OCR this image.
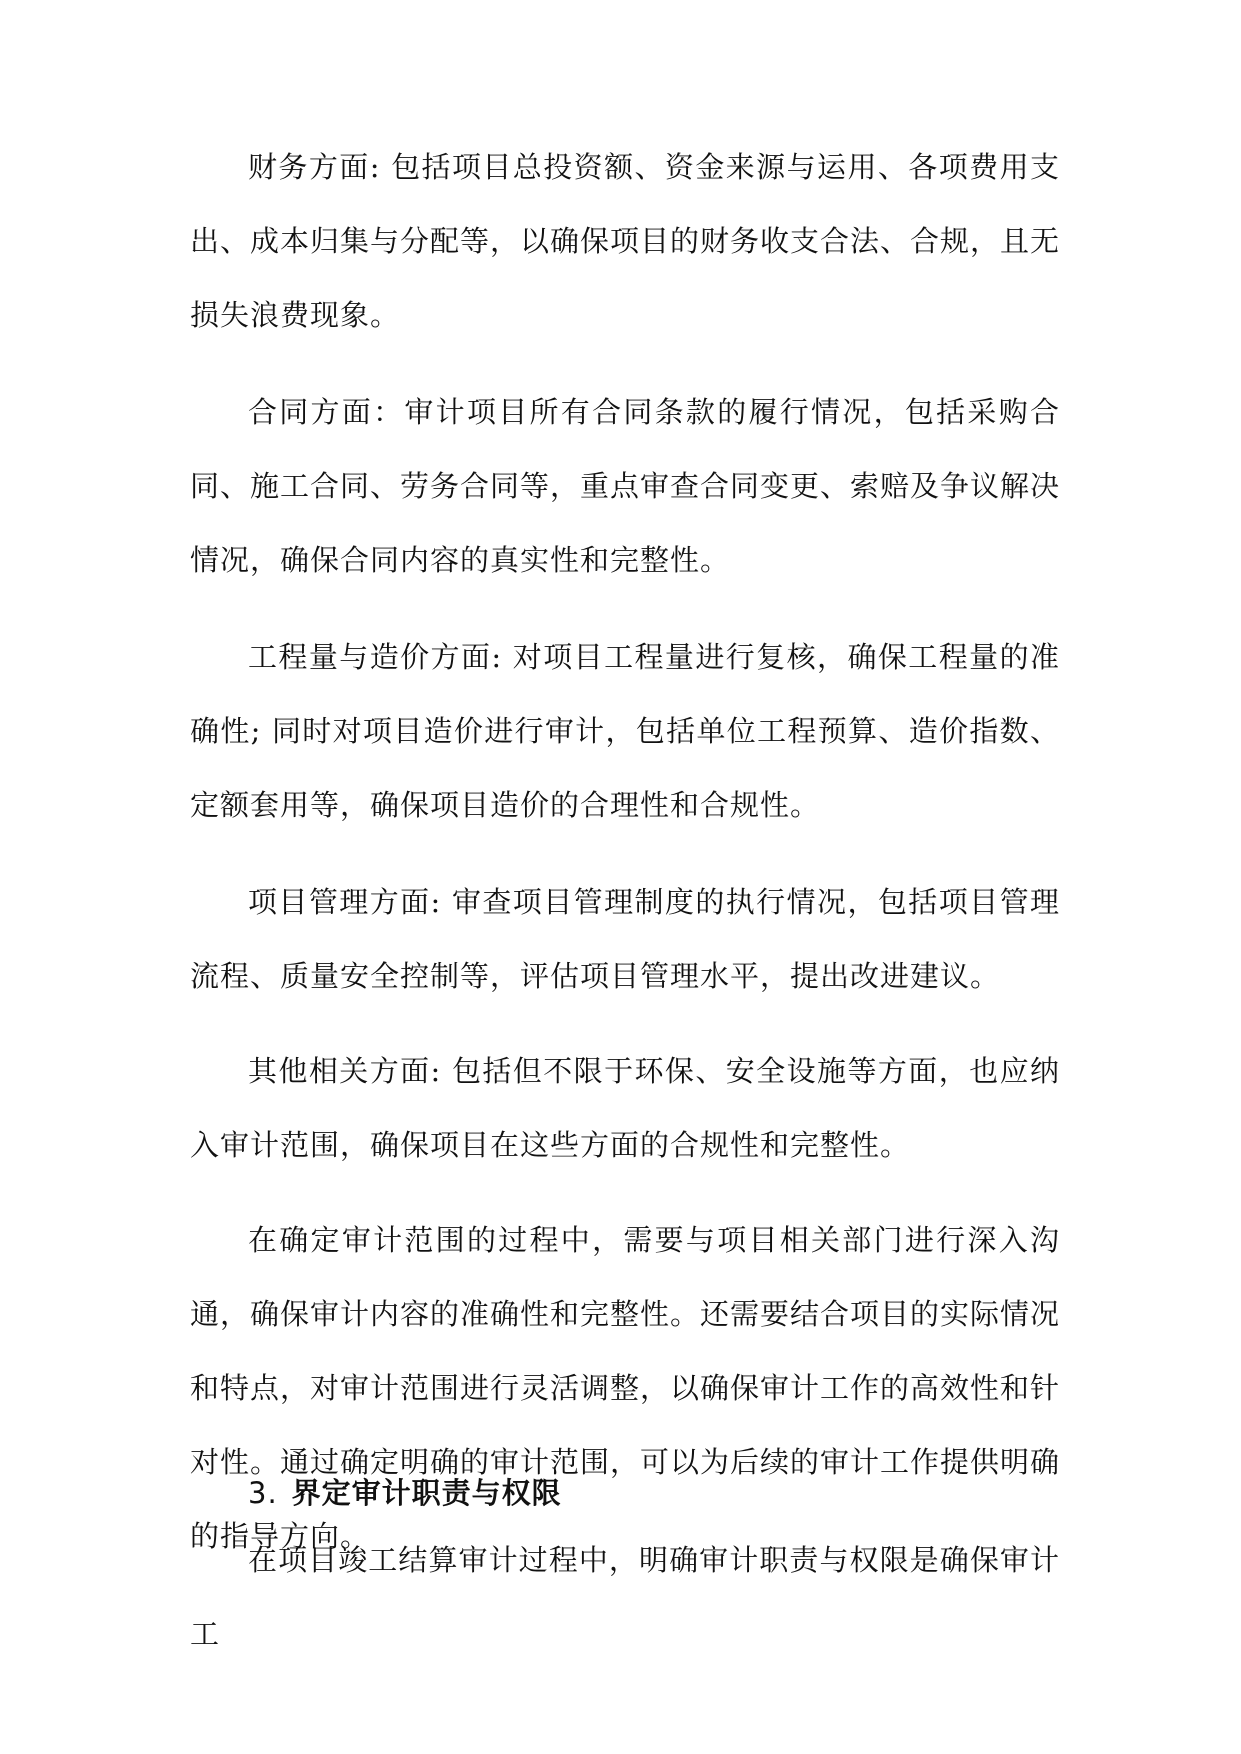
财务方面: 包括项目总投资额、资金来源与运用、各项费用支出、成本归集与分配等，以确保项目的财务收支合法、合规，且无损失浪费现象。

合同方面：审计项目所有合同条款的履行情况，包括采购合同、施工合同、劳务合同等，重点审查合同变更、索赔及争议解决情况，确保合同内容的真实性和完整性。

工程量与造价方面: 对项目工程量进行复核，确保工程量的准确性; 同时对项目造价进行审计，包括单位工程预算、造价指数、定额套用等，确保项目造价的合理性和合规性。

项目管理方面: 审查项目管理制度的执行情况，包括项目管理流程、质量安全控制等，评估项目管理水平，提出改进建议。

其他相关方面: 包括但不限于环保、安全设施等方面，也应纳入审计范围，确保项目在这些方面的合规性和完整性。

在确定审计范围的过程中，需要与项目相关部门进行深入沟通，确保审计内容的准确性和完整性。还需要结合项目的实际情况和特点，对审计范围进行灵活调整，以确保审计工作的高效性和针对性。通过确定明确的审计范围，可以为后续的审计工作提供明确的指导方向。

3. 界定审计职责与权限

在项目竣工结算审计过程中，明确审计职责与权限是确保审计工
